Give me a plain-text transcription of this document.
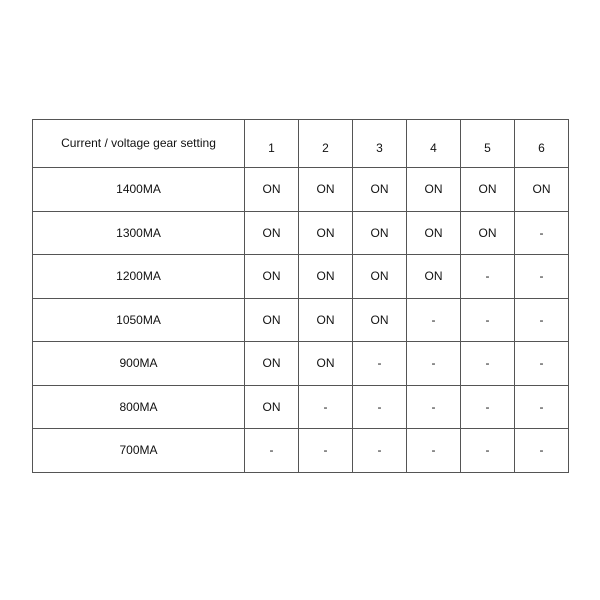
Current / voltage gear setting	1	2	3	4	5	6
1400MA	ON	ON	ON	ON	ON	ON
1300MA	ON	ON	ON	ON	ON	-
1200MA	ON	ON	ON	ON	-	-
1050MA	ON	ON	ON	-	-	-
900MA	ON	ON	-	-	-	-
800MA	ON	-	-	-	-	-
700MA	-	-	-	-	-	-
